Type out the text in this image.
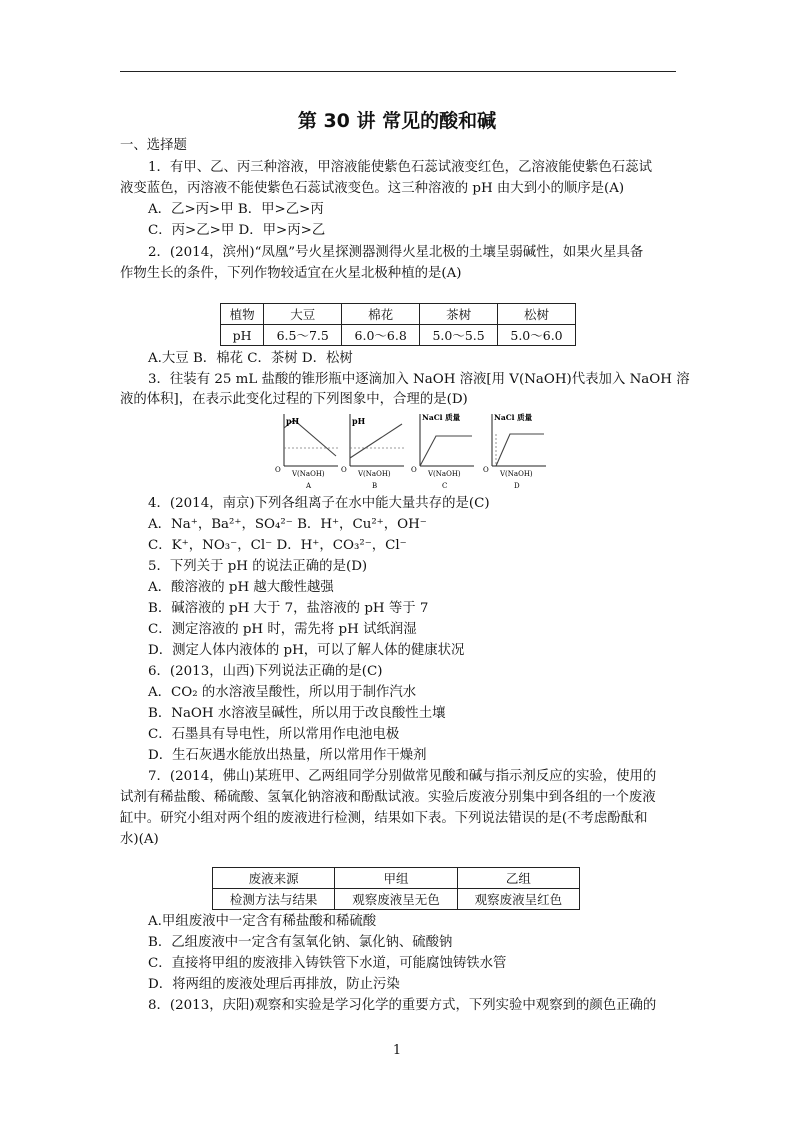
第 30 讲 常见的酸和碱
一、选择题
1．有甲、乙、丙三种溶液，甲溶液能使紫色石蕊试液变红色，乙溶液能使紫色石蕊试
液变蓝色，丙溶液不能使紫色石蕊试液变色。这三种溶液的 pH 由大到小的顺序是(A)
A．乙>丙>甲 B．甲>乙>丙
C．丙>乙>甲 D．甲>丙>乙
2．(2014，滨州)“凤凰”号火星探测器测得火星北极的土壤呈弱碱性，如果火星具备
作物生长的条件，下列作物较适宜在火星北极种植的是(A)
植物	大豆	棉花	茶树	松树
pH	6.5～7.5	6.0～6.8	5.0～5.5	5.0～6.0
A.大豆 B．棉花 C．茶树 D．松树
3．往装有 25 mL 盐酸的锥形瓶中逐滴加入 NaOH 溶液[用 V(NaOH)代表加入 NaOH 溶
液的体积]，在表示此变化过程的下列图象中，合理的是(D)
pH
O V(NaOH)
A
pH
O V(NaOH)
B
NaCl 质量
O V(NaOH)
C
NaCl 质量
O V(NaOH)
D
4．(2014，南京)下列各组离子在水中能大量共存的是(C)
A．Na⁺，Ba²⁺，SO₄²⁻ B．H⁺，Cu²⁺，OH⁻
C．K⁺，NO₃⁻，Cl⁻ D．H⁺，CO₃²⁻，Cl⁻
5．下列关于 pH 的说法正确的是(D)
A．酸溶液的 pH 越大酸性越强
B．碱溶液的 pH 大于 7，盐溶液的 pH 等于 7
C．测定溶液的 pH 时，需先将 pH 试纸润湿
D．测定人体内液体的 pH，可以了解人体的健康状况
6．(2013，山西)下列说法正确的是(C)
A．CO₂ 的水溶液呈酸性，所以用于制作汽水
B．NaOH 水溶液呈碱性，所以用于改良酸性土壤
C．石墨具有导电性，所以常用作电池电极
D．生石灰遇水能放出热量，所以常用作干燥剂
7．(2014，佛山)某班甲、乙两组同学分别做常见酸和碱与指示剂反应的实验，使用的
试剂有稀盐酸、稀硫酸、氢氧化钠溶液和酚酞试液。实验后废液分别集中到各组的一个废液
缸中。研究小组对两个组的废液进行检测，结果如下表。下列说法错误的是(不考虑酚酞和
水)(A)
废液来源	甲组	乙组
检测方法与结果	观察废液呈无色	观察废液呈红色
A.甲组废液中一定含有稀盐酸和稀硫酸
B．乙组废液中一定含有氢氧化钠、氯化钠、硫酸钠
C．直接将甲组的废液排入铸铁管下水道，可能腐蚀铸铁水管
D．将两组的废液处理后再排放，防止污染
8．(2013，庆阳)观察和实验是学习化学的重要方式，下列实验中观察到的颜色正确的
1
